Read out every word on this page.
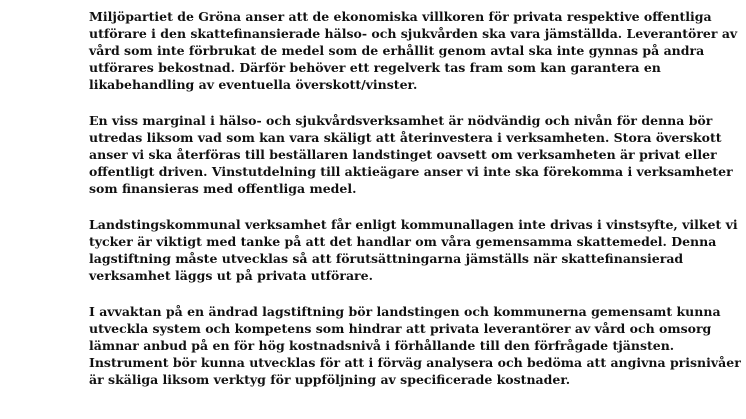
Miljöpartiet de Gröna anser att de ekonomiska villkoren för privata respektive offentliga
utförare i den skattefinansierade hälso- och sjukvården ska vara jämställda. Leverantörer av
vård som inte förbrukat de medel som de erhållit genom avtal ska inte gynnas på andra
utförares bekostnad. Därför behöver ett regelverk tas fram som kan garantera en
likabehandling av eventuella överskott/vinster.

En viss marginal i hälso- och sjukvårdsverksamhet är nödvändig och nivån för denna bör
utredas liksom vad som kan vara skäligt att återinvestera i verksamheten. Stora överskott
anser vi ska återföras till beställaren landstinget oavsett om verksamheten är privat eller
offentligt driven. Vinstutdelning till aktieägare anser vi inte ska förekomma i verksamheter
som finansieras med offentliga medel.

Landstingskommunal verksamhet får enligt kommunallagen inte drivas i vinstsyfte, vilket vi
tycker är viktigt med tanke på att det handlar om våra gemensamma skattemedel. Denna
lagstiftning måste utvecklas så att förutsättningarna jämställs när skattefinansierad
verksamhet läggs ut på privata utförare.

I avvaktan på en ändrad lagstiftning bör landstingen och kommunerna gemensamt kunna
utveckla system och kompetens som hindrar att privata leverantörer av vård och omsorg
lämnar anbud på en för hög kostnadsnivå i förhållande till den förfrågade tjänsten.
Instrument bör kunna utvecklas för att i förväg analysera och bedöma att angivna prisnivåer
är skäliga liksom verktyg för uppföljning av specificerade kostnader.
